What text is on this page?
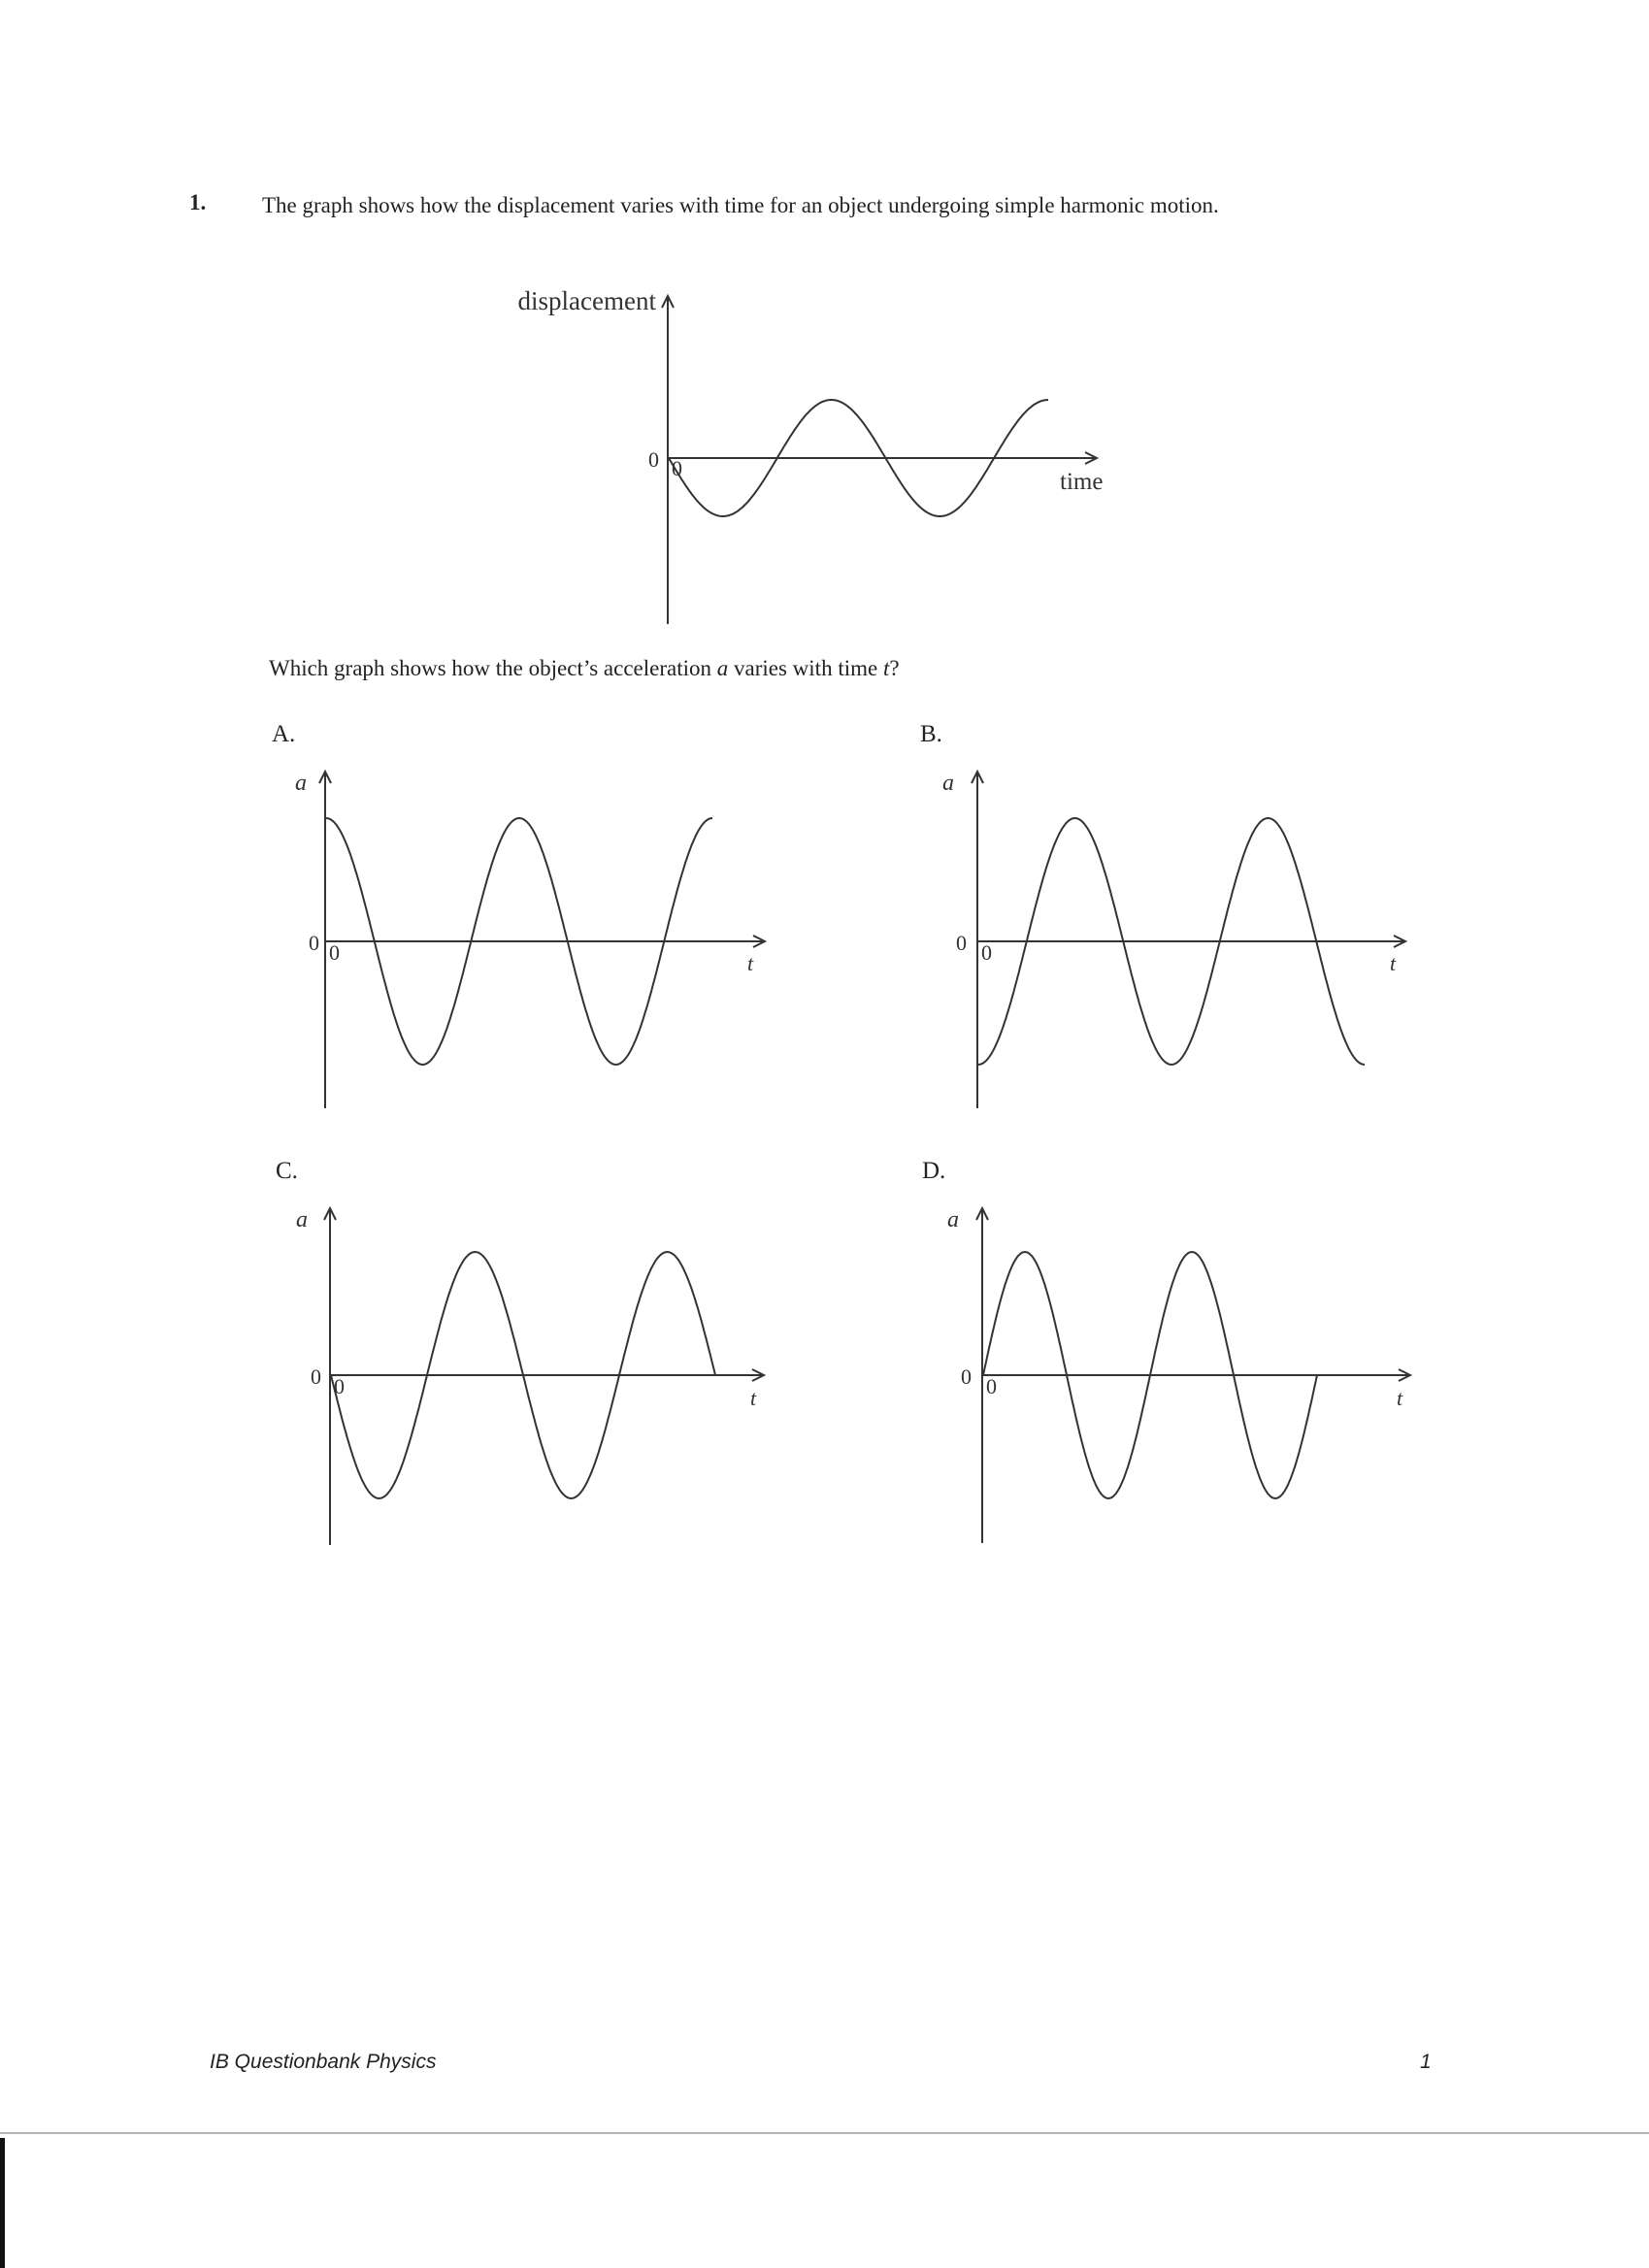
1.	The graph shows how the displacement varies with time for an object undergoing simple harmonic motion.
displacement
time
0 0
Which graph shows how the object’s acceleration a varies with time t?
A.
a
t
0 0
B.
a
t
0 0
C.
a
t
0 0
D.
a
t
0 0
IB Questionbank Physics	1
